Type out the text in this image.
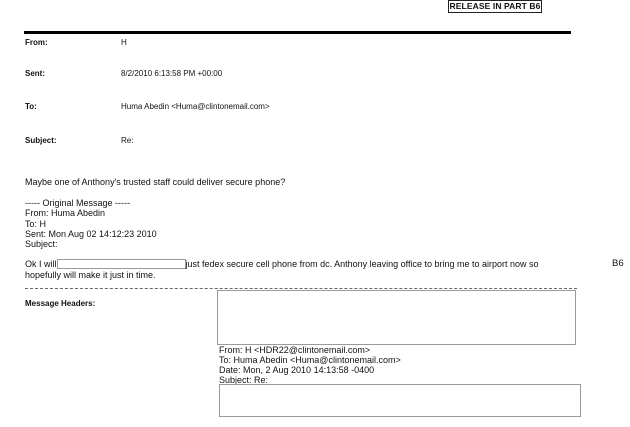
RELEASE IN PART B6
From:	H
Sent:	8/2/2010 6:13:58 PM +00:00
To:	Huma Abedin <Huma@clintonemail.com>
Subject:	Re:
Maybe one of Anthony's trusted staff could deliver secure phone?
----- Original Message -----
From: Huma Abedin
To: H
Sent: Mon Aug 02 14:12:23 2010
Subject:
Ok I will	just fedex secure cell phone from dc. Anthony leaving office to bring me to airport now so
hopefully will make it just in time.
B6
Message Headers:
From: H <HDR22@clintonemail.com>
To: Huma Abedin <Huma@clintonemail.com>
Date: Mon, 2 Aug 2010 14:13:58 -0400
Subject: Re:
